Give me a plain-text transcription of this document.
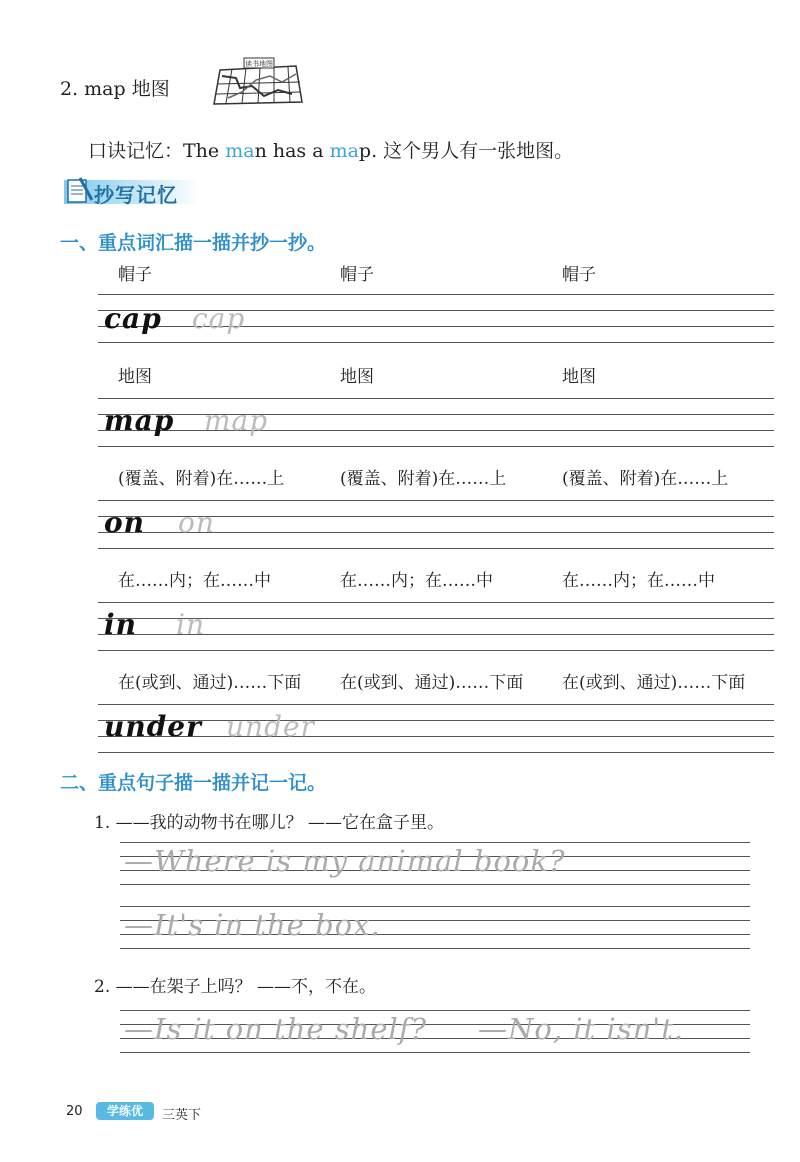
2. map 地图
读书地图
口诀记忆：The man has a map. 这个男人有一张地图。
抄写记忆
一、重点词汇描一描并抄一抄。
帽子	帽子	帽子
cap cap
地图	地图	地图
map map
(覆盖、附着)在……上	(覆盖、附着)在……上	(覆盖、附着)在……上
on on
在……内；在……中	在……内；在……中	在……内；在……中
in in
在(或到、通过)……下面 在(或到、通过)……下面 在(或到、通过)……下面
under under
二、重点句子描一描并记一记。
1. ——我的动物书在哪儿？ ——它在盒子里。
—Where is my animal book?
—It's in the box.
2. ——在架子上吗？ ——不，不在。
—Is it on the shelf? —No, it isn't.
20	学练优	三英下
